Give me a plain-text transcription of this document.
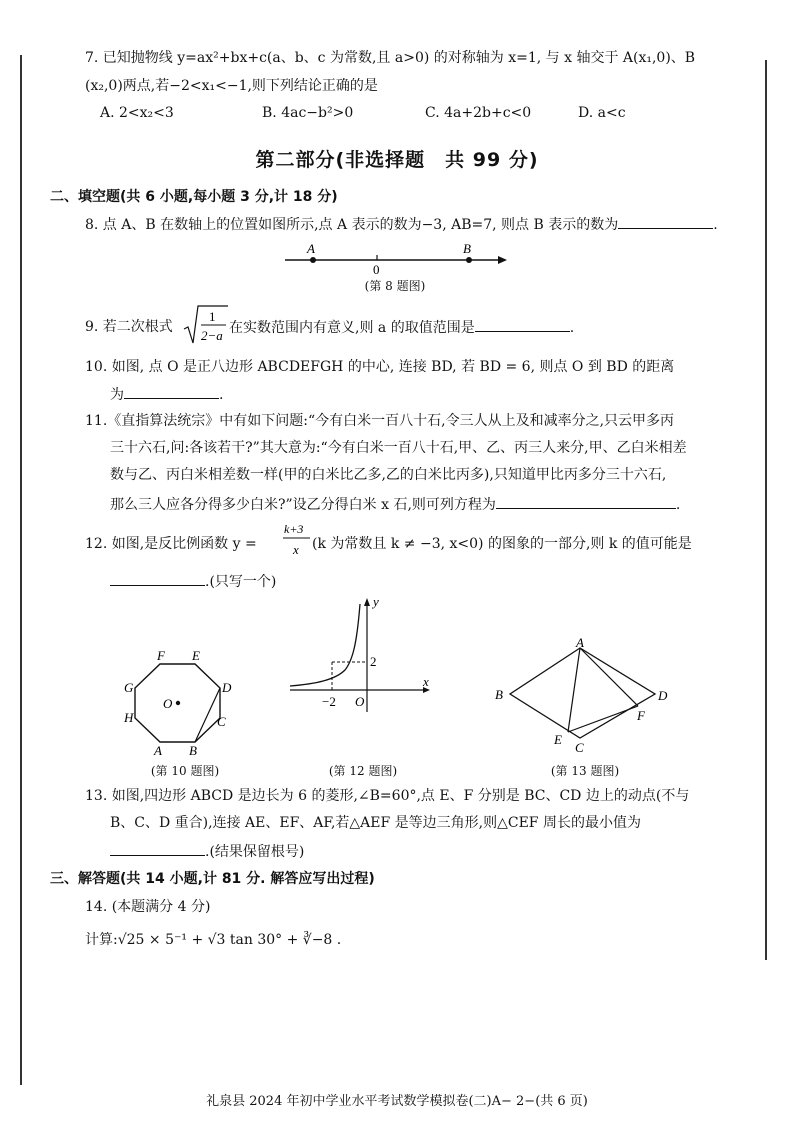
7. 已知抛物线 y=ax²+bx+c(a、b、c 为常数,且 a>0) 的对称轴为 x=1, 与 x 轴交于 A(x₁,0)、B
(x₂,0)两点,若−2<x₁<−1,则下列结论正确的是
A. 2<x₂<3	B. 4ac−b²>0	C. 4a+2b+c<0	D. a<c
第二部分(非选择题　共 99 分)
二、填空题(共 6 小题,每小题 3 分,计 18 分)
8. 点 A、B 在数轴上的位置如图所示,点 A 表示的数为−3, AB=7, 则点 B 表示的数为	.
A	B
0
(第 8 题图)
9. 若二次根式
1
2−a 在实数范围内有意义,则 a 的取值范围是	.
10. 如图, 点 O 是正八边形 ABCDEFGH 的中心, 连接 BD, 若 BD = 6, 则点 O 到 BD 的距离
为	.
11.《直指算法统宗》中有如下问题:“今有白米一百八十石,令三人从上及和减率分之,只云甲多丙
三十六石,问:各该若干?”其大意为:“今有白米一百八十石,甲、乙、丙三人来分,甲、乙白米相差
数与乙、丙白米相差数一样(甲的白米比乙多,乙的白米比丙多),只知道甲比丙多分三十六石,
那么三人应各分得多少白米?”设乙分得白米 x 石,则可列方程为	.
12. 如图,是反比例函数 y =
k+3
x (k 为常数且 k ≠ −3, x<0) 的图象的一部分,则 k 的值可能是
.(只写一个)
F E
G	D
H	C
A B
O
(第 10 题图)
y
x
2
−2 O
(第 12 题图)
A
B	D
F
E
C
(第 13 题图)
13. 如图,四边形 ABCD 是边长为 6 的菱形,∠B=60°,点 E、F 分别是 BC、CD 边上的动点(不与
B、C、D 重合),连接 AE、EF、AF,若△AEF 是等边三角形,则△CEF 周长的最小值为
.(结果保留根号)
三、解答题(共 14 小题,计 81 分. 解答应写出过程)
14. (本题满分 4 分)
计算:√25 × 5⁻¹ + √3 tan 30° + ∛−8 .
礼泉县 2024 年初中学业水平考试数学模拟卷(二)A− 2−(共 6 页)
